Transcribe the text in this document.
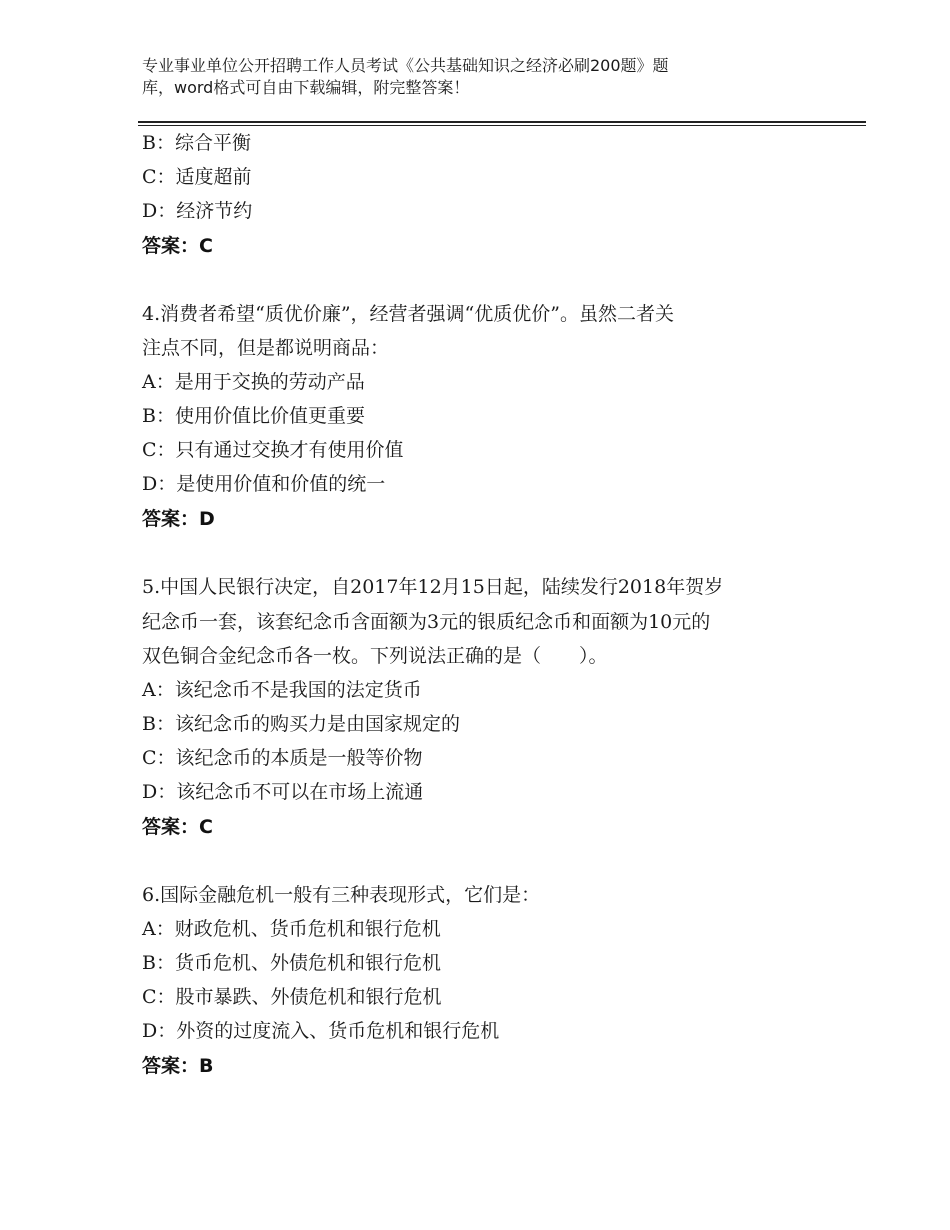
专业事业单位公开招聘工作人员考试《公共基础知识之经济必刷200题》题
库，word格式可自由下载编辑，附完整答案！
B：综合平衡
C：适度超前
D：经济节约
答案：C
4.消费者希望“质优价廉”，经营者强调“优质优价”。虽然二者关
注点不同，但是都说明商品：
A：是用于交换的劳动产品
B：使用价值比价值更重要
C：只有通过交换才有使用价值
D：是使用价值和价值的统一
答案：D
5.中国人民银行决定，自2017年12月15日起，陆续发行2018年贺岁
纪念币一套，该套纪念币含面额为3元的银质纪念币和面额为10元的
双色铜合金纪念币各一枚。下列说法正确的是（　　）。
A：该纪念币不是我国的法定货币
B：该纪念币的购买力是由国家规定的
C：该纪念币的本质是一般等价物
D：该纪念币不可以在市场上流通
答案：C
6.国际金融危机一般有三种表现形式，它们是：
A：财政危机、货币危机和银行危机
B：货币危机、外债危机和银行危机
C：股市暴跌、外债危机和银行危机
D：外资的过度流入、货币危机和银行危机
答案：B
